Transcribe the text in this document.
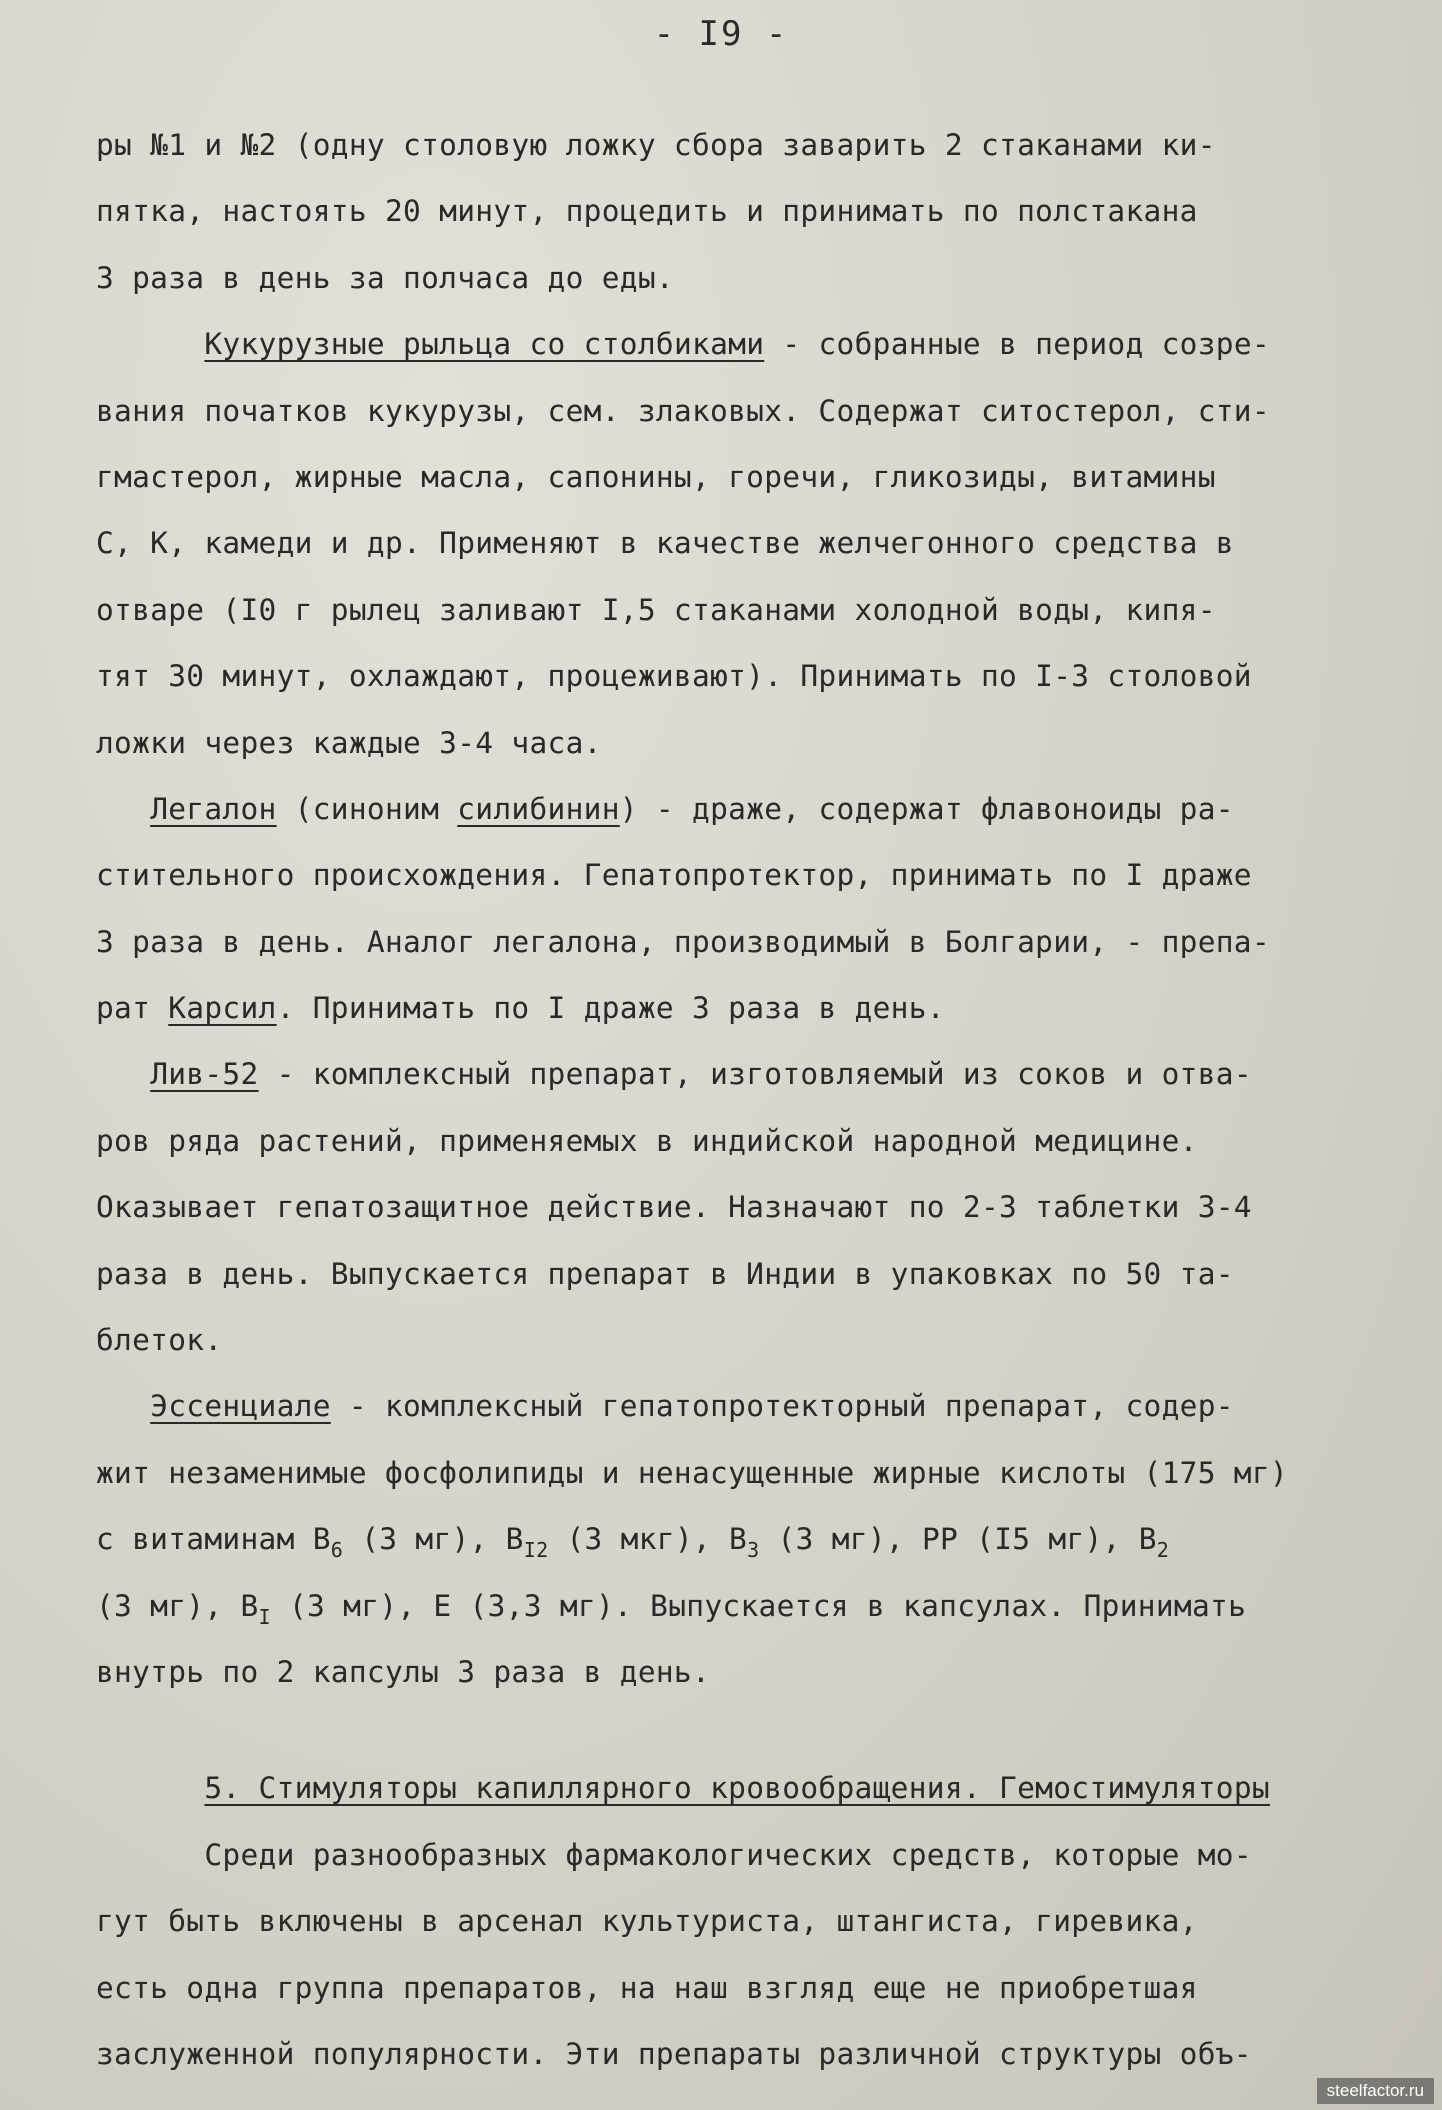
- I9 -
ры №1 и №2 (одну столовую ложку сбора заварить 2 стаканами ки-
пятка, настоять 20 минут, процедить и принимать по полстакана
3 раза в день за полчаса до еды.
Кукурузные рыльца со столбиками - собранные в период созре-
вания початков кукурузы, сем. злаковых. Содержат ситостерол, сти-
гмастерол, жирные масла, сапонины, горечи, гликозиды, витамины
С, К, камеди и др. Применяют в качестве желчегонного средства в
отваре (I0 г рылец заливают I,5 стаканами холодной воды, кипя-
тят 30 минут, охлаждают, процеживают). Принимать по I-3 столовой
ложки через каждые 3-4 часа.
Легалон (синоним силибинин) - драже, содержат флавоноиды ра-
стительного происхождения. Гепатопротектор, принимать по I драже
3 раза в день. Аналог легалона, производимый в Болгарии, - препа-
рат Карсил. Принимать по I драже 3 раза в день.
Лив-52 - комплексный препарат, изготовляемый из соков и отва-
ров ряда растений, применяемых в индийской народной медицине.
Оказывает гепатозащитное действие. Назначают по 2-3 таблетки 3-4
раза в день. Выпускается препарат в Индии в упаковках по 50 та-
блеток.
Эссенциале - комплексный гепатопротекторный препарат, содер-
жит незаменимые фосфолипиды и ненасущенные жирные кислоты (175 мг)
с витаминам $В_6$ (3 мг), $В_{I2}$ (3 мкг), $В_3$ (3 мг), РР (I5 мг), $В_2$
(3 мг), $В_I$ (3 мг), Е (3,3 мг). Выпускается в капсулах. Принимать
внутрь по 2 капсулы 3 раза в день.
5. Стимуляторы капиллярного кровообращения. Гемостимуляторы
Среди разнообразных фармакологических средств, которые мо-
гут быть включены в арсенал культуриста, штангиста, гиревика,
есть одна группа препаратов, на наш взгляд еще не приобретшая
заслуженной популярности. Эти препараты различной структуры объ-
steelfactor.ru
